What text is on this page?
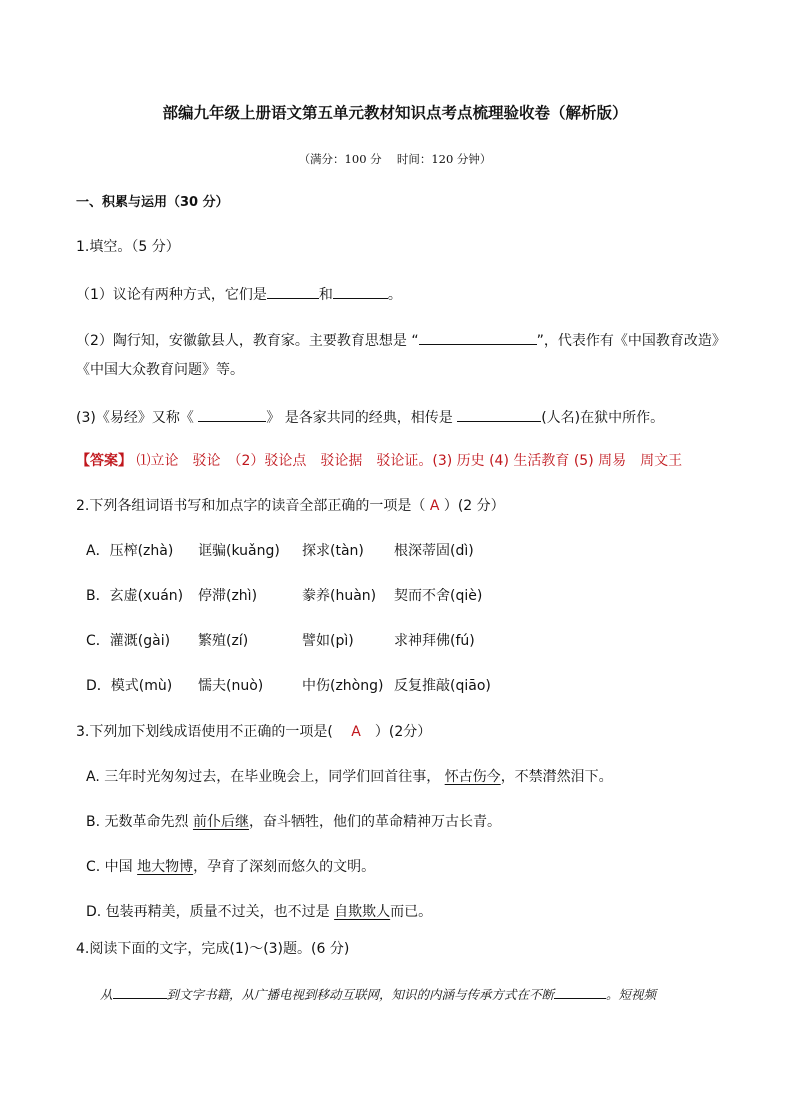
部编九年级上册语文第五单元教材知识点考点梳理验收卷（解析版）
（满分：100 分　 时间：120 分钟）
一、积累与运用（30 分）
1.填空。（5 分）
（1）议论有两种方式，它们是	和	。
（2）陶行知，安徽歙县人，教育家。主要教育思想是 “	”，代表作有《中国教育改造》
《中国大众教育问题》等。
(3)《易经》又称《	》 是各家共同的经典，相传是	(人名)在狱中所作。
【答案】 ⑴立论　驳论　（2）驳论点　驳论据　驳论证。(3) 历史 (4) 生活教育 (5) 周易　周文王
2.下列各组词语书写和加点字的读音全部正确的一项是（ A ）(2 分）
A．压榨(zhà) 诓骗(kuǎng) 探求(tàn) 根深蒂固(dì)
B．玄虚(xuán) 停滞(zhì)	豢养(huàn) 契而不舍(qiè)
C．灌溉(gài) 繁殖(zí)	譬如(pì)	求神拜佛(fú)
D．模式(mù) 懦夫(nuò)	中伤(zhòng) 反复推敲(qiāo)
3.下列加下划线成语使用不正确的一项是(　 A　）(2分）
A. 三年时光匆匆过去，在毕业晚会上，同学们回首往事， 怀古伤今，不禁潸然泪下。
B. 无数革命先烈 前仆后继，奋斗牺牲，他们的革命精神万古长青。
C. 中国 地大物博，孕育了深刻而悠久的文明。
D. 包装再精美，质量不过关，也不过是 自欺欺人而已。
4.阅读下面的文字，完成(1)～(3)题。(6 分)
从	到文字书籍，从广播电视到移动互联网，知识的内涵与传承方式在不断	。短视频
